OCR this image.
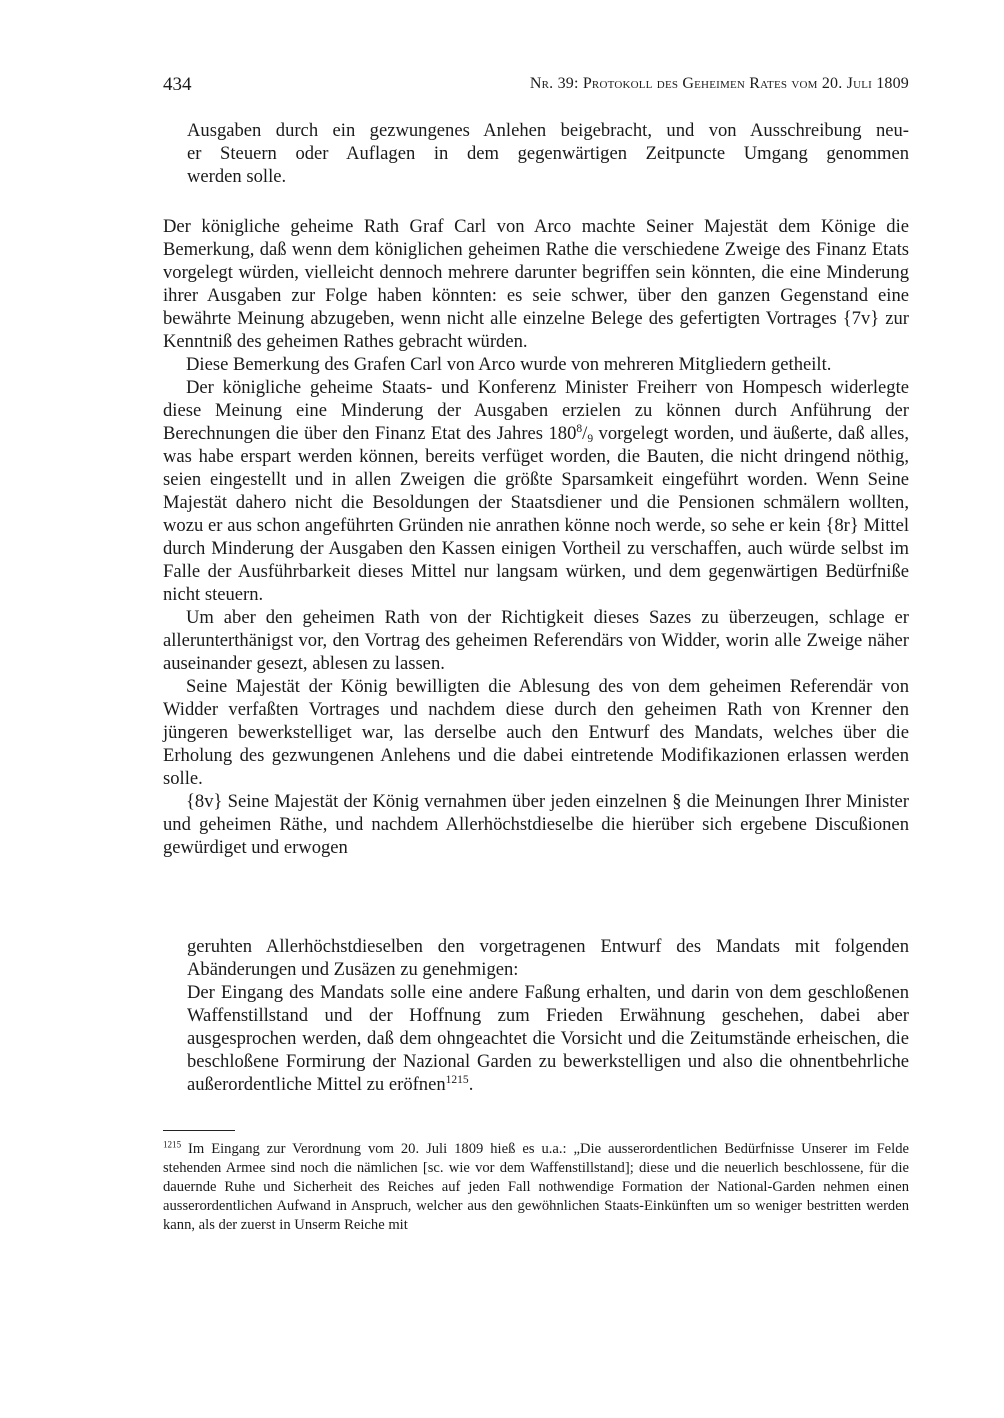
434	Nr. 39: Protokoll des Geheimen Rates vom 20. Juli 1809
Ausgaben durch ein gezwungenes Anlehen beigebracht, und von Ausschreibung neu-
er Steuern oder Auflagen in dem gegenwärtigen Zeitpuncte Umgang genommen
werden solle.

Der königliche geheime Rath Graf Carl von Arco machte Seiner Majestät dem Könige die Bemerkung, daß wenn dem königlichen geheimen Rathe die verschiedene Zweige des Finanz Etats vorgelegt würden, vielleicht dennoch mehrere darunter begriffen sein könnten, die eine Minderung ihrer Ausgaben zur Folge haben könnten: es seie schwer, über den ganzen Gegenstand eine bewährte Meinung abzugeben, wenn nicht alle einzelne Belege des gefertigten Vortrages {7v} zur Kenntniß des geheimen Rathes gebracht würden.

Diese Bemerkung des Grafen Carl von Arco wurde von mehreren Mitgliedern getheilt.

Der königliche geheime Staats- und Konferenz Minister Freiherr von Hompesch widerlegte diese Meinung eine Minderung der Ausgaben erzielen zu können durch Anführung der Berechnungen die über den Finanz Etat des Jahres $180^8/_9$ vorgelegt worden, und äußerte, daß alles, was habe erspart werden können, bereits verfüget worden, die Bauten, die nicht dringend nöthig, seien eingestellt und in allen Zweigen die größte Sparsamkeit eingeführt worden. Wenn Seine Majestät dahero nicht die Besoldungen der Staatsdiener und die Pensionen schmälern wollten, wozu er aus schon angeführten Gründen nie anrathen könne noch werde, so sehe er kein {8r} Mittel durch Minderung der Ausgaben den Kassen einigen Vortheil zu verschaffen, auch würde selbst im Falle der Ausführbarkeit dieses Mittel nur langsam würken, und dem gegenwärtigen Bedürfniße nicht steuern.

Um aber den geheimen Rath von der Richtigkeit dieses Sazes zu überzeugen, schlage er allerunterthänigst vor, den Vortrag des geheimen Referendärs von Widder, worin alle Zweige näher auseinander gesezt, ablesen zu lassen.

Seine Majestät der König bewilligten die Ablesung des von dem geheimen Referendär von Widder verfaßten Vortrages und nachdem diese durch den geheimen Rath von Krenner den jüngeren bewerkstelliget war, las derselbe auch den Entwurf des Mandats, welches über die Erholung des gezwungenen Anlehens und die dabei eintretende Modifikazionen erlassen werden solle.

{8v} Seine Majestät der König vernahmen über jeden einzelnen § die Meinungen Ihrer Minister und geheimen Räthe, und nachdem Allerhöchstdieselbe die hierüber sich ergebene Discußionen gewürdiget und erwogen

geruhten Allerhöchstdieselben den vorgetragenen Entwurf des Mandats mit folgenden Abänderungen und Zusäzen zu genehmigen:

Der Eingang des Mandats solle eine andere Faßung erhalten, und darin von dem geschloßenen Waffenstillstand und der Hoffnung zum Frieden Erwähnung geschehen, dabei aber ausgesprochen werden, daß dem ohngeachtet die Vorsicht und die Zeitumstände erheischen, die beschloßene Formirung der Nazional Garden zu bewerkstelligen und also die ohnentbehrliche außerordentliche Mittel zu eröfnen$^{1215}$.

$^{1215}$ Im Eingang zur Verordnung vom 20. Juli 1809 hieß es u.a.: „Die ausserordentlichen Bedürfnisse Unserer im Felde stehenden Armee sind noch die nämlichen [sc. wie vor dem Waffenstillstand]; diese und die neuerlich beschlossene, für die dauernde Ruhe und Sicherheit des Reiches auf jeden Fall nothwendige Formation der National-Garden nehmen einen ausserordentlichen Aufwand in Anspruch, welcher aus den gewöhnlichen Staats-Einkünften um so weniger bestritten werden kann, als der zuerst in Unserm Reiche mit
